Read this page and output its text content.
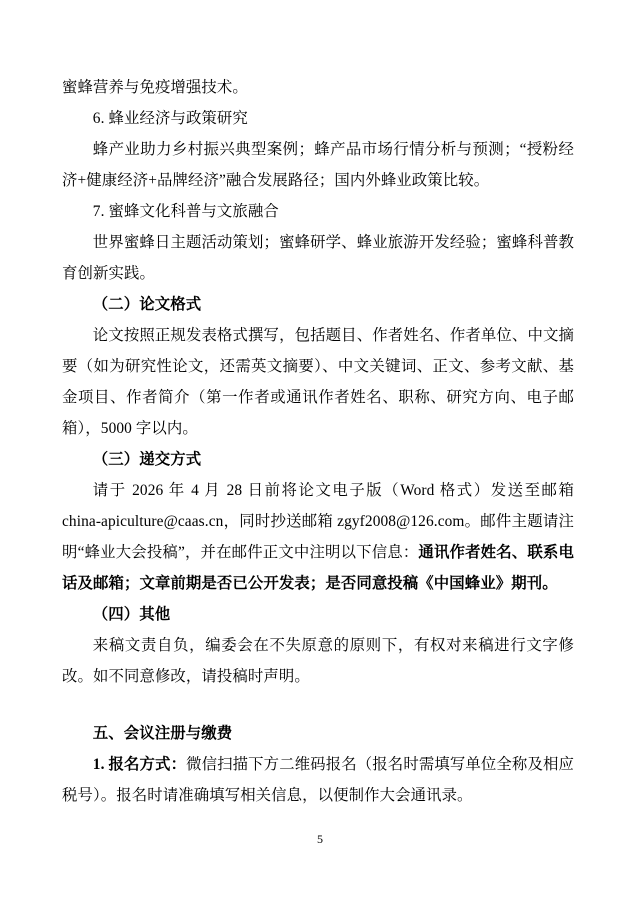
蜜蜂营养与免疫增强技术。

6. 蜂业经济与政策研究

蜂产业助力乡村振兴典型案例；蜂产品市场行情分析与预测；“授粉经济+健康经济+品牌经济”融合发展路径；国内外蜂业政策比较。

7. 蜜蜂文化科普与文旅融合

世界蜜蜂日主题活动策划；蜜蜂研学、蜂业旅游开发经验；蜜蜂科普教育创新实践。

（二）论文格式

论文按照正规发表格式撰写，包括题目、作者姓名、作者单位、中文摘要（如为研究性论文，还需英文摘要）、中文关键词、正文、参考文献、基金项目、作者简介（第一作者或通讯作者姓名、职称、研究方向、电子邮箱），5000 字以内。

（三）递交方式

请于 2026 年 4 月 28 日前将论文电子版（Word 格式）发送至邮箱 china-apiculture@caas.cn，同时抄送邮箱 zgyf2008@126.com。邮件主题请注明“蜂业大会投稿”，并在邮件正文中注明以下信息：通讯作者姓名、联系电话及邮箱；文章前期是否已公开发表；是否同意投稿《中国蜂业》期刊。

（四）其他

来稿文责自负，编委会在不失原意的原则下，有权对来稿进行文字修改。如不同意修改，请投稿时声明。

五、会议注册与缴费

1. 报名方式：微信扫描下方二维码报名（报名时需填写单位全称及相应税号）。报名时请准确填写相关信息，以便制作大会通讯录。

5
